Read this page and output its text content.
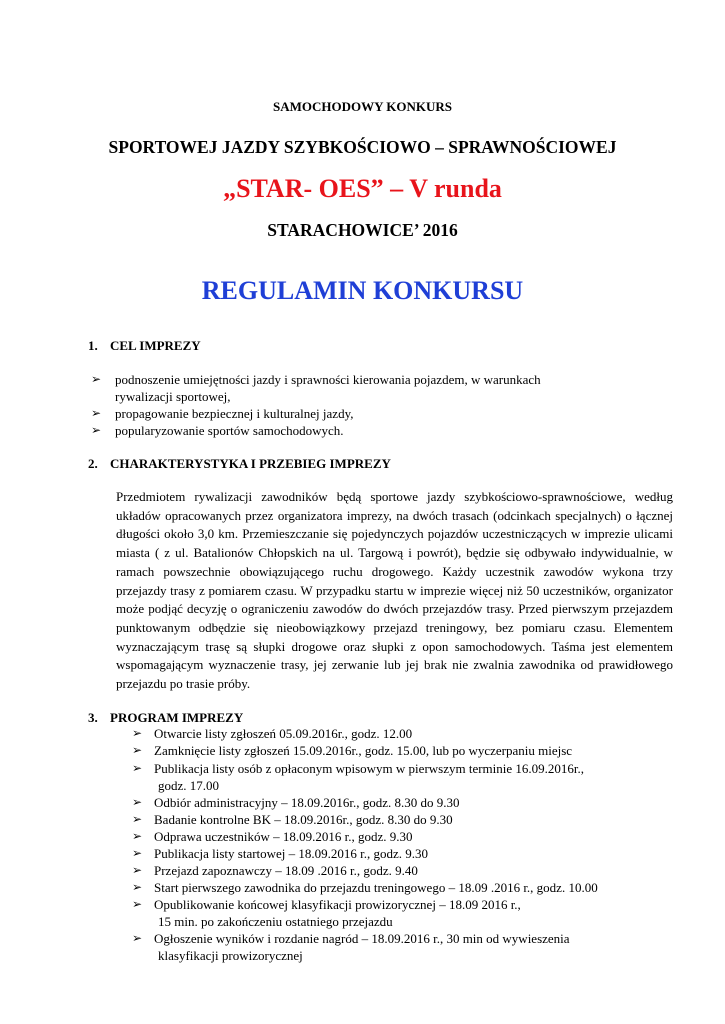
SAMOCHODOWY KONKURS
SPORTOWEJ JAZDY SZYBKOŚCIOWO – SPRAWNOŚCIOWEJ
„STAR- OES” – V runda
STARACHOWICE’ 2016
REGULAMIN KONKURSU
1. CEL IMPREZY
➢ podnoszenie umiejętności jazdy i sprawności kierowania pojazdem, w warunkach
rywalizacji sportowej,
➢ propagowanie bezpiecznej i kulturalnej jazdy,
➢ popularyzowanie sportów samochodowych.
2. CHARAKTERYSTYKA I PRZEBIEG IMPREZY
Przedmiotem rywalizacji zawodników będą sportowe jazdy szybkościowo-sprawnościowe, według układów opracowanych przez organizatora imprezy, na dwóch trasach (odcinkach specjalnych) o łącznej długości około 3,0 km. Przemieszczanie się pojedynczych pojazdów uczestniczących w imprezie ulicami miasta ( z ul. Batalionów Chłopskich na ul. Targową i powrót), będzie się odbywało indywidualnie, w ramach powszechnie obowiązującego ruchu drogowego. Każdy uczestnik zawodów wykona trzy przejazdy trasy z pomiarem czasu. W przypadku startu w imprezie więcej niż 50 uczestników, organizator może podjąć decyzję o ograniczeniu zawodów do dwóch przejazdów trasy. Przed pierwszym przejazdem punktowanym odbędzie się nieobowiązkowy przejazd treningowy, bez pomiaru czasu. Elementem wyznaczającym trasę są słupki drogowe oraz słupki z opon samochodowych. Taśma jest elementem wspomagającym wyznaczenie trasy, jej zerwanie lub jej brak nie zwalnia zawodnika od prawidłowego przejazdu po trasie próby.
3. PROGRAM IMPREZY
➢ Otwarcie listy zgłoszeń 05.09.2016r., godz. 12.00
➢ Zamknięcie listy zgłoszeń 15.09.2016r., godz. 15.00, lub po wyczerpaniu miejsc
➢ Publikacja listy osób z opłaconym wpisowym w pierwszym terminie 16.09.2016r.,
godz. 17.00
➢ Odbiór administracyjny – 18.09.2016r., godz. 8.30 do 9.30
➢ Badanie kontrolne BK – 18.09.2016r., godz. 8.30 do 9.30
➢ Odprawa uczestników – 18.09.2016 r., godz. 9.30
➢ Publikacja listy startowej – 18.09.2016 r., godz. 9.30
➢ Przejazd zapoznawczy – 18.09 .2016 r., godz. 9.40
➢ Start pierwszego zawodnika do przejazdu treningowego – 18.09 .2016 r., godz. 10.00
➢ Opublikowanie końcowej klasyfikacji prowizorycznej – 18.09 2016 r.,
15 min. po zakończeniu ostatniego przejazdu
➢ Ogłoszenie wyników i rozdanie nagród – 18.09.2016 r., 30 min od wywieszenia
klasyfikacji prowizorycznej
